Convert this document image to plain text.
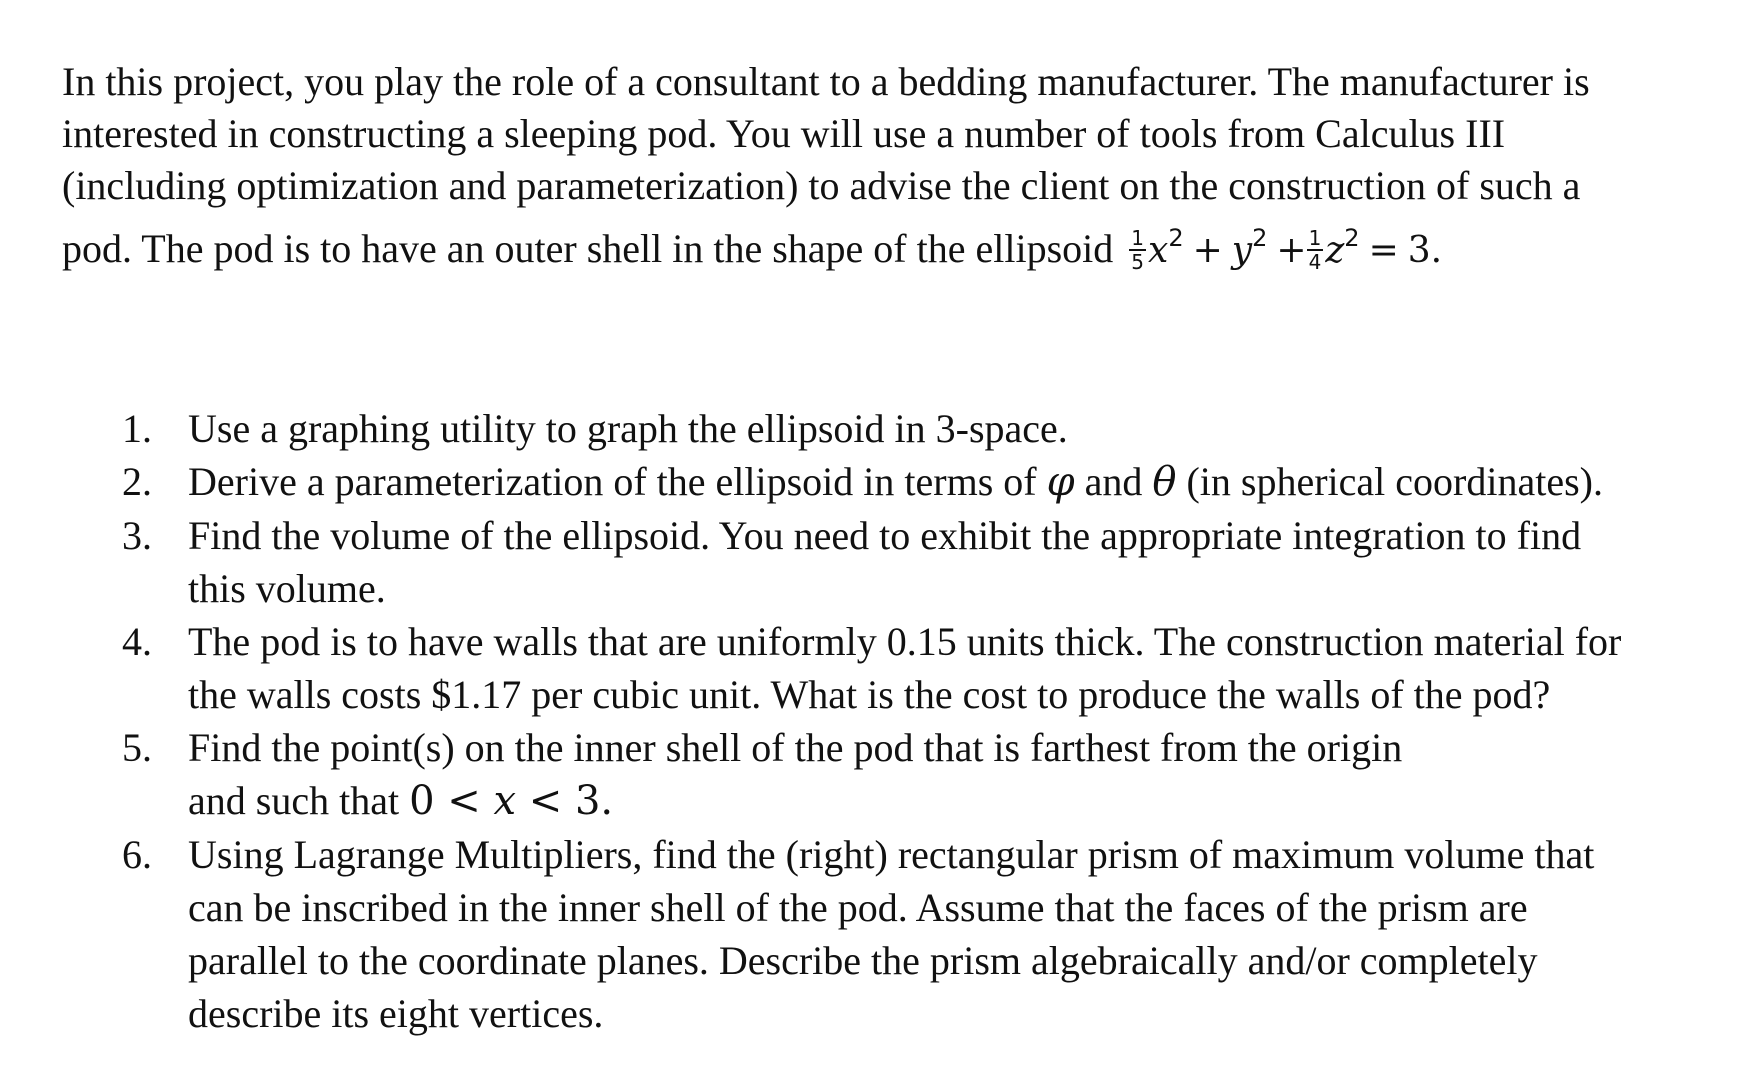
In this project, you play the role of a consultant to a bedding manufacturer. The manufacturer is
interested in constructing a sleeping pod. You will use a number of tools from Calculus III
(including optimization and parameterization) to advise the client on the construction of such a
pod. The pod is to have an outer shell in the shape of the ellipsoid $\frac{1}{5} x^2 + y^2 + \frac{1}{4} z^2 = 3$.
1. Use a graphing utility to graph the ellipsoid in 3-space.
2. Derive a parameterization of the ellipsoid in terms of φ and θ (in spherical coordinates).
3. Find the volume of the ellipsoid. You need to exhibit the appropriate integration to find
this volume.
4. The pod is to have walls that are uniformly 0.15 units thick. The construction material for
the walls costs $1.17 per cubic unit. What is the cost to produce the walls of the pod?
5. Find the point(s) on the inner shell of the pod that is farthest from the origin
and such that 0 < x < 3.
6. Using Lagrange Multipliers, find the (right) rectangular prism of maximum volume that
can be inscribed in the inner shell of the pod. Assume that the faces of the prism are
parallel to the coordinate planes. Describe the prism algebraically and/or completely
describe its eight vertices.
